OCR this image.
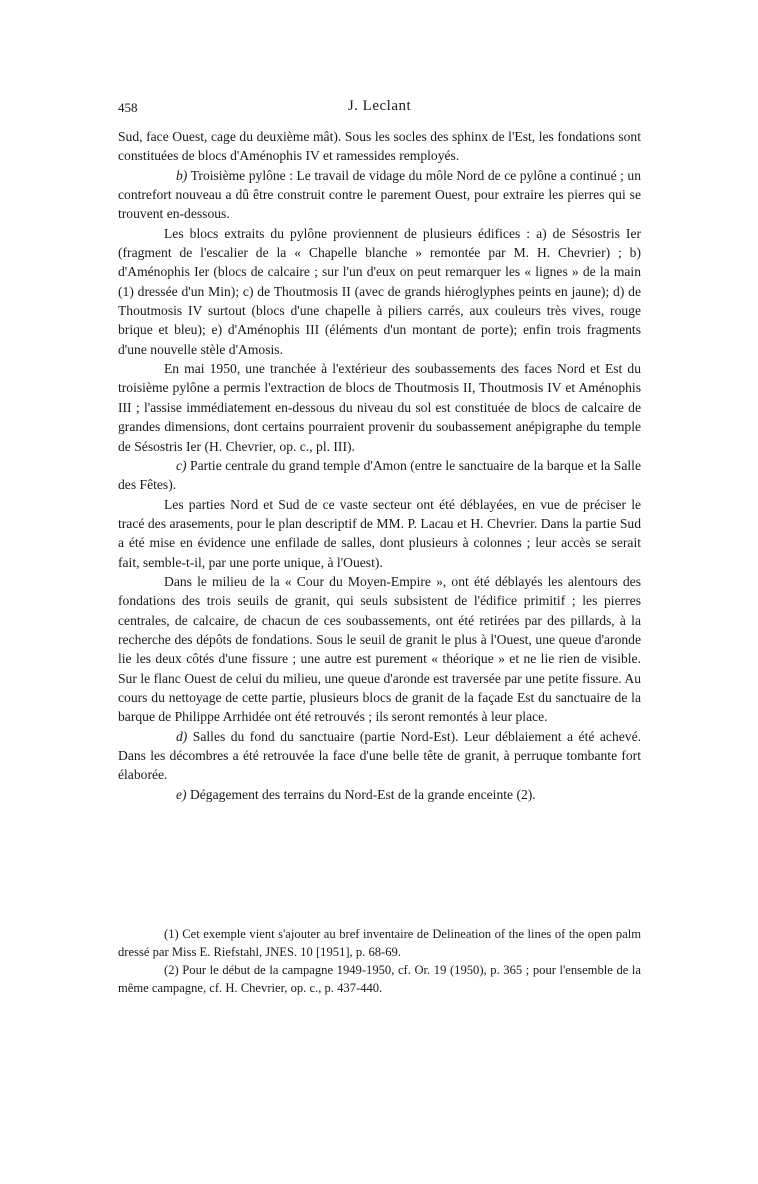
458	J. Leclant

Sud, face Ouest, cage du deuxième mât). Sous les socles des sphinx de l'Est, les fondations sont constituées de blocs d'Aménophis IV et ramessides remployés.

b) Troisième pylône : Le travail de vidage du môle Nord de ce pylône a continué ; un contrefort nouveau a dû être construit contre le parement Ouest, pour extraire les pierres qui se trouvent en-dessous.

Les blocs extraits du pylône proviennent de plusieurs édifices : a) de Sésostris Ier (fragment de l'escalier de la « Chapelle blanche » remontée par M. H. Chevrier) ; b) d'Aménophis Ier (blocs de calcaire ; sur l'un d'eux on peut remarquer les « lignes » de la main (1) dressée d'un Min); c) de Thoutmosis II (avec de grands hiéroglyphes peints en jaune); d) de Thoutmosis IV surtout (blocs d'une chapelle à piliers carrés, aux couleurs très vives, rouge brique et bleu); e) d'Aménophis III (éléments d'un montant de porte); enfin trois fragments d'une nouvelle stèle d'Amosis.

En mai 1950, une tranchée à l'extérieur des soubassements des faces Nord et Est du troisième pylône a permis l'extraction de blocs de Thoutmosis II, Thoutmosis IV et Aménophis III ; l'assise immédiatement en-dessous du niveau du sol est constituée de blocs de calcaire de grandes dimensions, dont certains pourraient provenir du soubassement anépigraphe du temple de Sésostris Ier (H. Chevrier, op. c., pl. III).

c) Partie centrale du grand temple d'Amon (entre le sanctuaire de la barque et la Salle des Fêtes).

Les parties Nord et Sud de ce vaste secteur ont été déblayées, en vue de préciser le tracé des arasements, pour le plan descriptif de MM. P. Lacau et H. Chevrier. Dans la partie Sud a été mise en évidence une enfilade de salles, dont plusieurs à colonnes ; leur accès se serait fait, semble-t-il, par une porte unique, à l'Ouest).

Dans le milieu de la « Cour du Moyen-Empire », ont été déblayés les alentours des fondations des trois seuils de granit, qui seuls subsistent de l'édifice primitif ; les pierres centrales, de calcaire, de chacun de ces soubassements, ont été retirées par des pillards, à la recherche des dépôts de fondations. Sous le seuil de granit le plus à l'Ouest, une queue d'aronde lie les deux côtés d'une fissure ; une autre est purement « théorique » et ne lie rien de visible. Sur le flanc Ouest de celui du milieu, une queue d'aronde est traversée par une petite fissure. Au cours du nettoyage de cette partie, plusieurs blocs de granit de la façade Est du sanctuaire de la barque de Philippe Arrhidée ont été retrouvés ; ils seront remontés à leur place.

d) Salles du fond du sanctuaire (partie Nord-Est). Leur déblaiement a été achevé. Dans les décombres a été retrouvée la face d'une belle tête de granit, à perruque tombante fort élaborée.

e) Dégagement des terrains du Nord-Est de la grande enceinte (2).

(1) Cet exemple vient s'ajouter au bref inventaire de Delineation of the lines of the open palm dressé par Miss E. Riefstahl, JNES. 10 [1951], p. 68-69.

(2) Pour le début de la campagne 1949-1950, cf. Or. 19 (1950), p. 365 ; pour l'ensemble de la même campagne, cf. H. Chevrier, op. c., p. 437-440.
